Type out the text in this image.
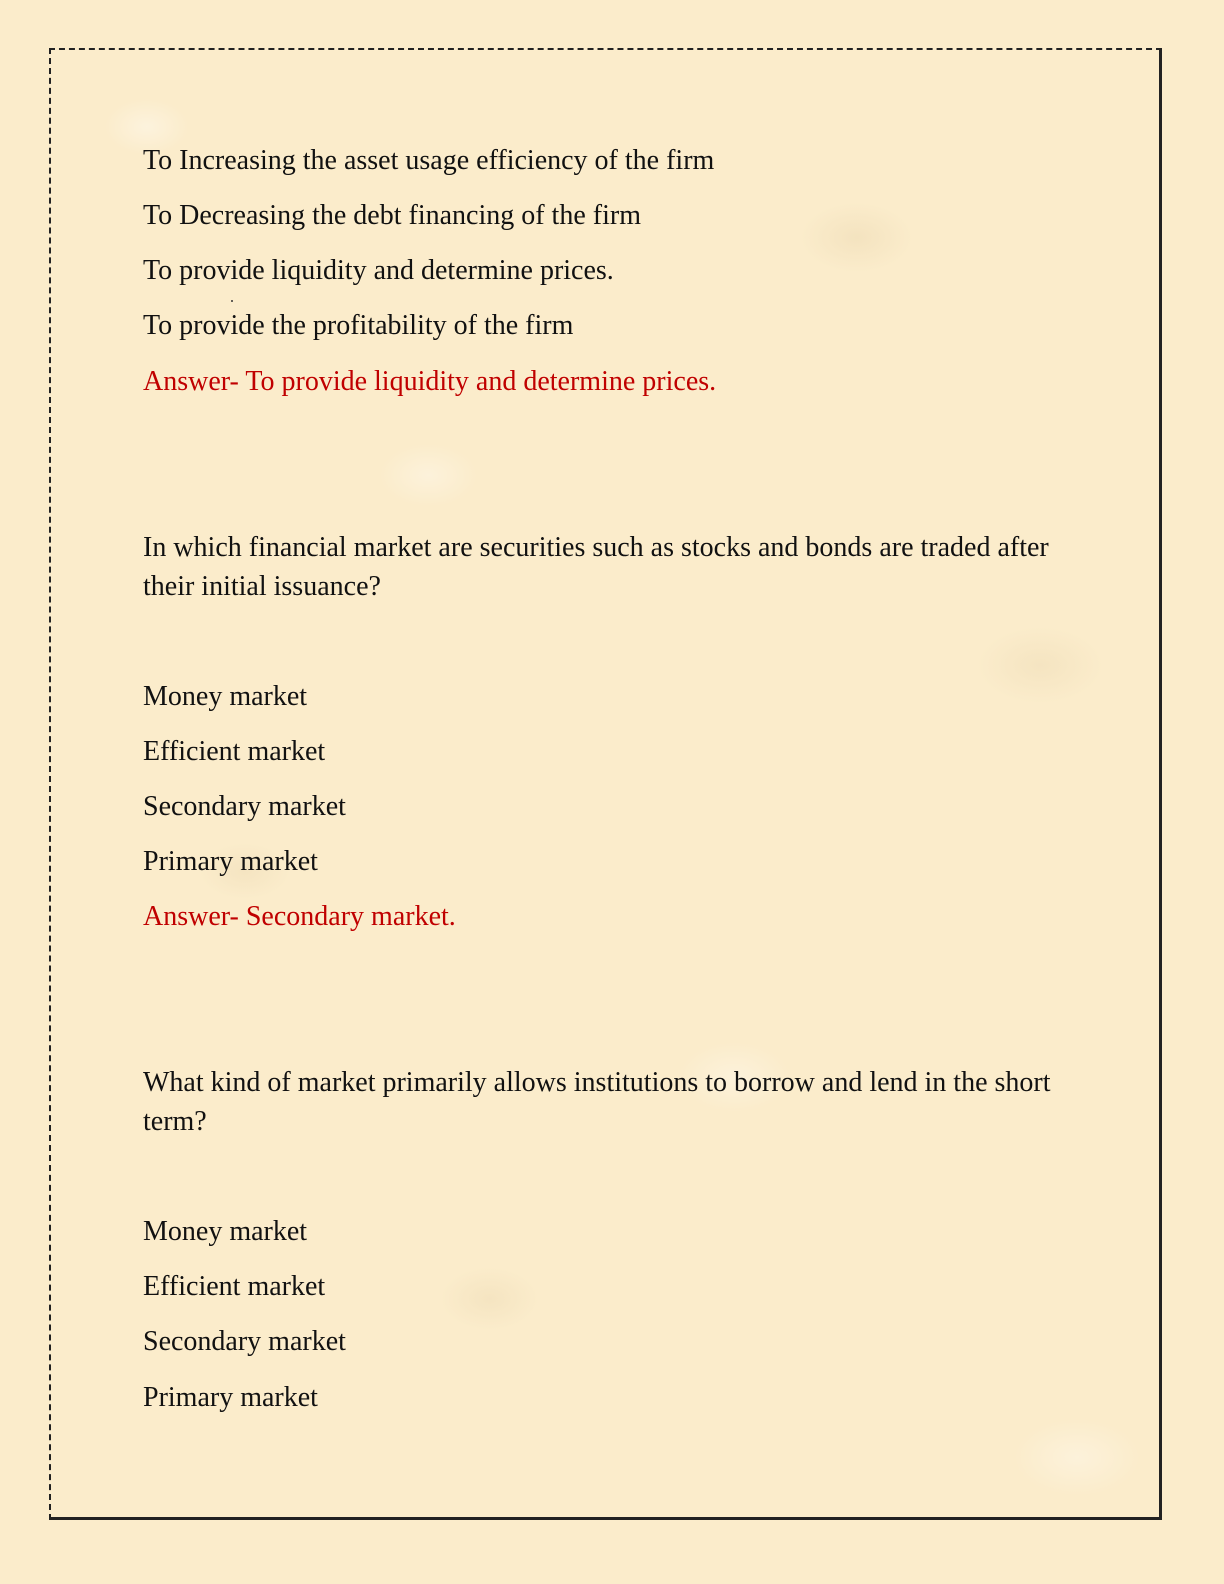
To Increasing the asset usage efficiency of the firm

To Decreasing the debt financing of the firm

To provide liquidity and determine prices.

To provide the profitability of the firm

Answer- To provide liquidity and determine prices.

In which financial market are securities such as stocks and bonds are traded after their initial issuance?

Money market

Efficient market

Secondary market

Primary market

Answer- Secondary market.

What kind of market primarily allows institutions to borrow and lend in the short term?

Money market

Efficient market

Secondary market

Primary market
